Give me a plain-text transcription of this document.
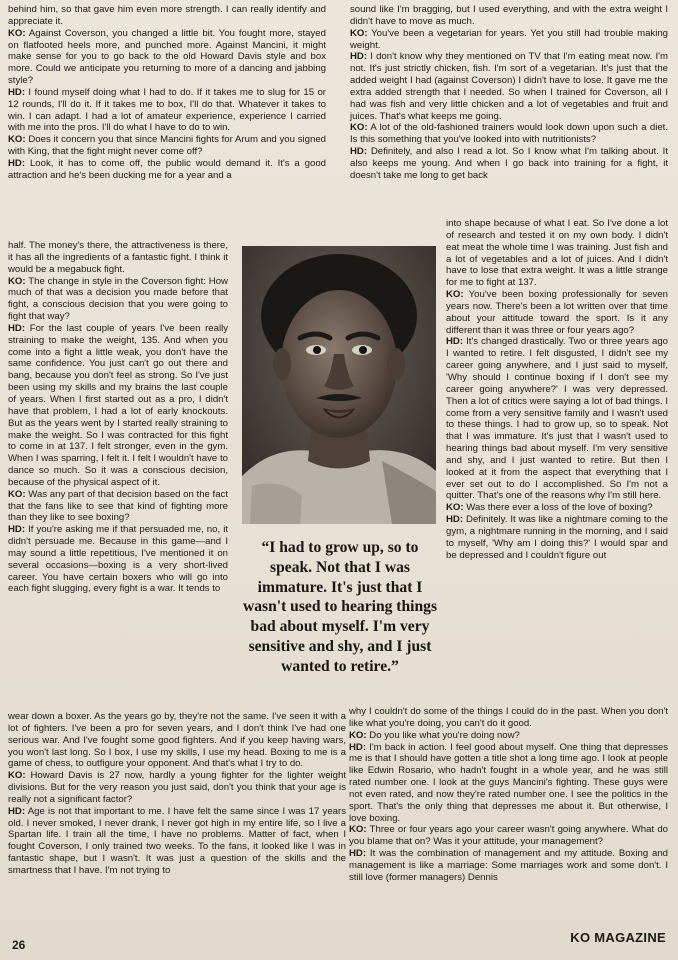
behind him, so that gave him even more strength. I can really identify and appreciate it.

KO: Against Coverson, you changed a little bit. You fought more, stayed on flatfooted heels more, and punched more. Against Mancini, it might make sense for you to go back to the old Howard Davis style and box more. Could we anticipate you returning to more of a dancing and jabbing style?

HD: I found myself doing what I had to do. If it takes me to slug for 15 or 12 rounds, I'll do it. If it takes me to box, I'll do that. Whatever it takes to win. I can adapt. I had a lot of amateur experience, experience I carried with me into the pros. I'll do what I have to do to win.

KO: Does it concern you that since Mancini fights for Arum and you signed with King, that the fight might never come off?

HD: Look, it has to come off, the public would demand it. It's a good attraction and he's been ducking me for a year and a

half. The money's there, the attractiveness is there, it has all the ingredients of a fantastic fight. I think it would be a megabuck fight.

KO: The change in style in the Coverson fight: How much of that was a decision you made before that fight, a conscious decision that you were going to fight that way?

HD: For the last couple of years I've been really straining to make the weight, 135. And when you come into a fight a little weak, you don't have the same confidence. You just can't go out there and bang, because you don't feel as strong. So I've just been using my skills and my brains the last couple of years. When I first started out as a pro, I didn't have that problem, I had a lot of early knockouts. But as the years went by I started really straining to make the weight. So I was contracted for this fight to come in at 137. I felt stronger, even in the gym. When I was sparring, I felt it. I felt I wouldn't have to dance so much. So it was a conscious decision, because of the physical aspect of it.

KO: Was any part of that decision based on the fact that the fans like to see that kind of fighting more than they like to see boxing?

HD: If you're asking me if that persuaded me, no, it didn't persuade me. Because in this game—and I may sound a little repetitious, I've mentioned it on several occasions—boxing is a very short-lived career. You have certain boxers who will go into each fight slugging, every fight is a war. It tends to

wear down a boxer. As the years go by, they're not the same. I've seen it with a lot of fighters. I've been a pro for seven years, and I don't think I've had one serious war. And I've fought some good fighters. And if you keep having wars, you won't last long. So I box, I use my skills, I use my head. Boxing to me is a game of chess, to outfigure your opponent. And that's what I try to do.

KO: Howard Davis is 27 now, hardly a young fighter for the lighter weight divisions. But for the very reason you just said, don't you think that your age is really not a significant factor?

HD: Age is not that important to me. I have felt the same since I was 17 years old. I never smoked, I never drank, I never got high in my entire life, so I live a Spartan life. I train all the time, I have no problems. Matter of fact, when I fought Coverson, I only trained two weeks. To the fans, it looked like I was in fantastic shape, but I wasn't. It was just a question of the skills and the smartness that I have. I'm not trying to

sound like I'm bragging, but I used everything, and with the extra weight I didn't have to move as much.

KO: You've been a vegetarian for years. Yet you still had trouble making weight.

HD: I don't know why they mentioned on TV that I'm eating meat now. I'm not. It's just strictly chicken, fish. I'm sort of a vegetarian. It's just that the added weight I had (against Coverson) I didn't have to lose. It gave me the extra added strength that I needed. So when I trained for Coverson, all I had was fish and very little chicken and a lot of vegetables and fruit and juices. That's what keeps me going.

KO: A lot of the old-fashioned trainers would look down upon such a diet. Is this something that you've looked into with nutritionists?

HD: Definitely, and also I read a lot. So I know what I'm talking about. It also keeps me young. And when I go back into training for a fight, it doesn't take me long to get back

into shape because of what I eat. So I've done a lot of research and tested it on my own body. I didn't eat meat the whole time I was training. Just fish and a lot of vegetables and a lot of juices. And I didn't have to lose that extra weight. It was a little strange for me to fight at 137.

KO: You've been boxing professionally for seven years now. There's been a lot written over that time about your attitude toward the sport. Is it any different than it was three or four years ago?

HD: It's changed drastically. Two or three years ago I wanted to retire. I felt disgusted, I didn't see my career going anywhere, and I just said to myself, 'Why should I continue boxing if I don't see my career going anywhere?' I was very depressed. Then a lot of critics were saying a lot of bad things. I come from a very sensitive family and I wasn't used to these things. I had to grow up, so to speak. Not that I was immature. It's just that I wasn't used to hearing things bad about myself. I'm very sensitive and shy, and I just wanted to retire. But then I looked at it from the aspect that everything that I ever set out to do I accomplished. So I'm not a quitter. That's one of the reasons why I'm still here.

KO: Was there ever a loss of the love of boxing?

HD: Definitely. It was like a nightmare coming to the gym, a nightmare running in the morning, and I said to myself, 'Why am I doing this?' I would spar and be depressed and I couldn't figure out

why I couldn't do some of the things I could do in the past. When you don't like what you're doing, you can't do it good.

KO: Do you like what you're doing now?

HD: I'm back in action. I feel good about myself. One thing that depresses me is that I should have gotten a title shot a long time ago. I look at people like Edwin Rosario, who hadn't fought in a whole year, and he was still rated number one. I look at the guys Mancini's fighting. These guys were not even rated, and now they're rated number one. I see the politics in the sport. That's the only thing that depresses me about it. But otherwise, I love boxing.

KO: Three or four years ago your career wasn't going anywhere. What do you blame that on? Was it your attitude, your management?

HD: It was the combination of management and my attitude. Boxing and management is like a marriage: Some marriages work and some don't. I still love (former managers) Dennis

“I had to grow up, so to speak. Not that I was immature. It's just that I wasn't used to hearing things bad about myself. I'm very sensitive and shy, and I just wanted to retire.”
26	KO MAGAZINE
